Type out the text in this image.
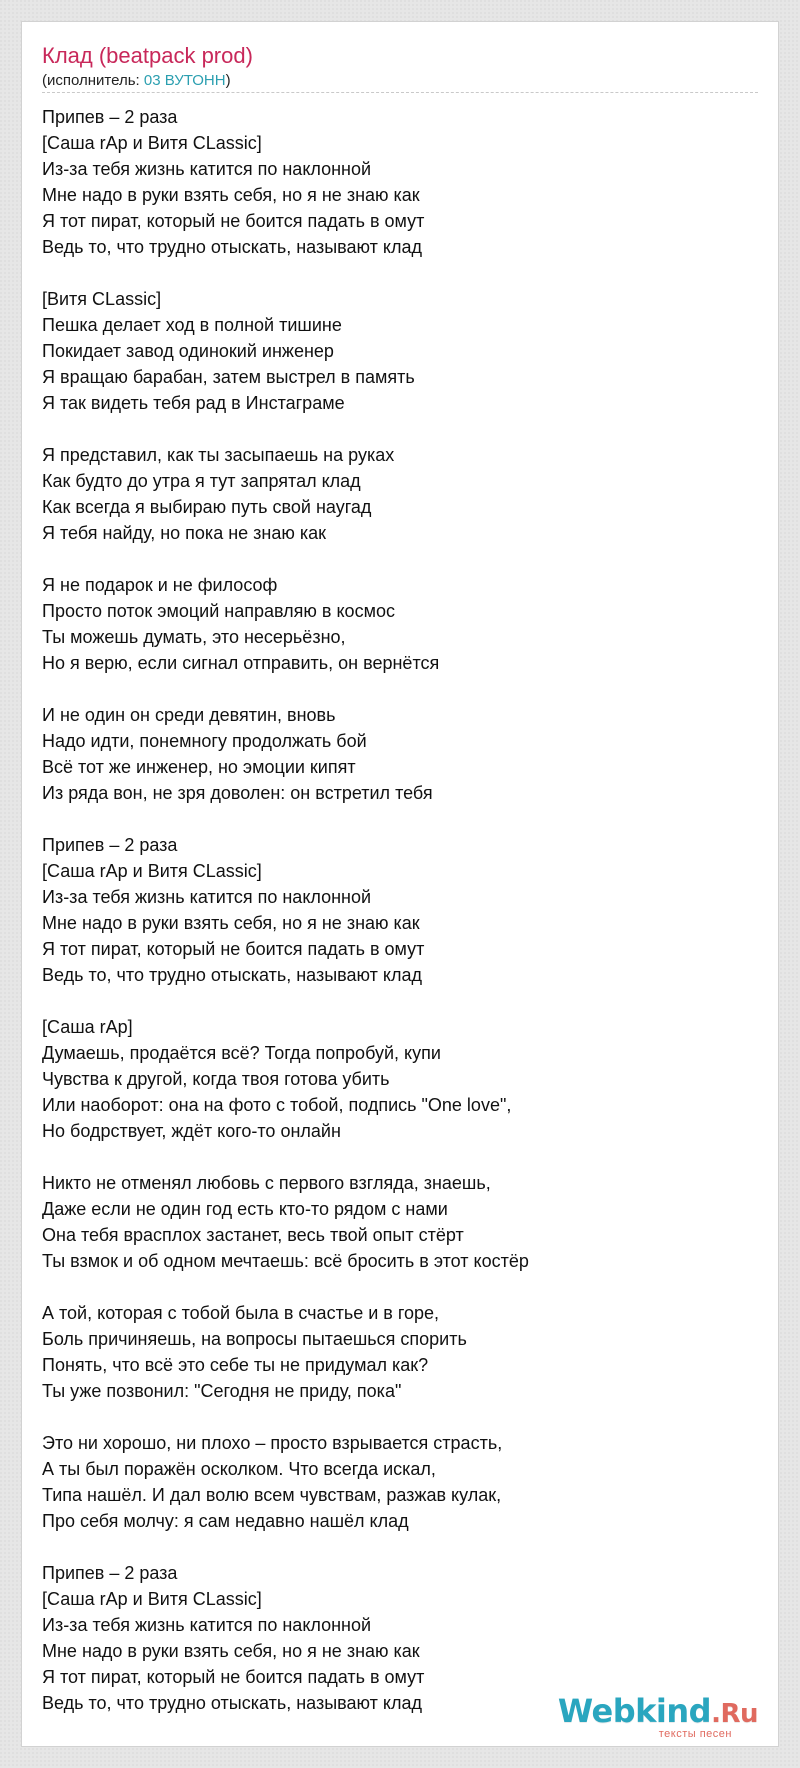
Клад (beatpack prod)
(исполнитель: 03 ВУТОНН)
Припев – 2 раза
[Саша rAp и Витя CLassic]
Из-за тебя жизнь катится по наклонной
Мне надо в руки взять себя, но я не знаю как
Я тот пират, который не боится падать в омут
Ведь то, что трудно отыскать, называют клад
[Витя CLassic]
Пешка делает ход в полной тишине
Покидает завод одинокий инженер
Я вращаю барабан, затем выстрел в память
Я так видеть тебя рад в Инстаграме
Я представил, как ты засыпаешь на руках
Как будто до утра я тут запрятал клад
Как всегда я выбираю путь свой наугад
Я тебя найду, но пока не знаю как
Я не подарок и не философ
Просто поток эмоций направляю в космос
Ты можешь думать, это несерьёзно,
Но я верю, если сигнал отправить, он вернётся
И не один он среди девятин, вновь
Надо идти, понемногу продолжать бой
Всё тот же инженер, но эмоции кипят
Из ряда вон, не зря доволен: он встретил тебя
Припев – 2 раза
[Саша rAp и Витя CLassic]
Из-за тебя жизнь катится по наклонной
Мне надо в руки взять себя, но я не знаю как
Я тот пират, который не боится падать в омут
Ведь то, что трудно отыскать, называют клад
[Саша rAp]
Думаешь, продаётся всё? Тогда попробуй, купи
Чувства к другой, когда твоя готова убить
Или наоборот: она на фото с тобой, подпись "One love",
Но бодрствует, ждёт кого-то онлайн
Никто не отменял любовь с первого взгляда, знаешь,
Даже если не один год есть кто-то рядом с нами
Она тебя врасплох застанет, весь твой опыт стёрт
Ты взмок и об одном мечтаешь: всё бросить в этот костёр
А той, которая с тобой была в счастье и в горе,
Боль причиняешь, на вопросы пытаешься спорить
Понять, что всё это себе ты не придумал как?
Ты уже позвонил: "Сегодня не приду, пока"
Это ни хорошо, ни плохо – просто взрывается страсть,
А ты был поражён осколком. Что всегда искал,
Типа нашёл. И дал волю всем чувствам, разжав кулак,
Про себя молчу: я сам недавно нашёл клад
Припев – 2 раза
[Саша rAp и Витя CLassic]
Из-за тебя жизнь катится по наклонной
Мне надо в руки взять себя, но я не знаю как
Я тот пират, который не боится падать в омут
Ведь то, что трудно отыскать, называют клад	Webkind.Ru
тексты песен
